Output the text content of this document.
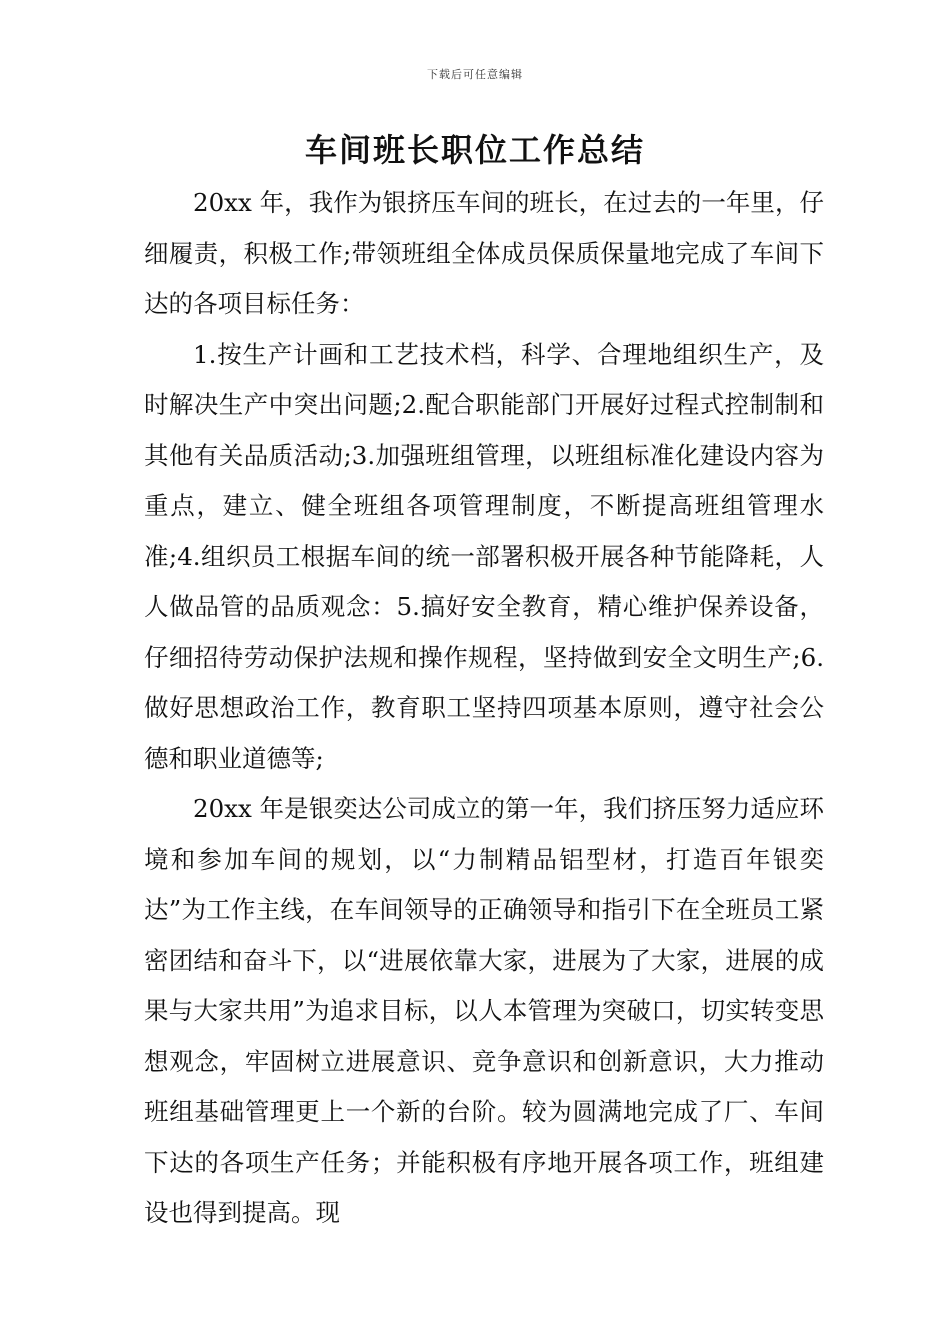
下载后可任意编辑
车间班长职位工作总结

20xx 年，我作为银挤压车间的班长，在过去的一年里，仔细履责，积极工作;带领班组全体成员保质保量地完成了车间下达的各项目标任务：

1.按生产计画和工艺技术档，科学、合理地组织生产，及时解决生产中突出问题;2.配合职能部门开展好过程式控制制和其他有关品质活动;3.加强班组管理，以班组标准化建设内容为重点，建立、健全班组各项管理制度，不断提高班组管理水准;4.组织员工根据车间的统一部署积极开展各种节能降耗，人人做品管的品质观念：5.搞好安全教育，精心维护保养设备，仔细招待劳动保护法规和操作规程，坚持做到安全文明生产;6.做好思想政治工作，教育职工坚持四项基本原则，遵守社会公德和职业道德等;

20xx 年是银奕达公司成立的第一年，我们挤压努力适应环境和参加车间的规划，以“力制精品铝型材，打造百年银奕达”为工作主线，在车间领导的正确领导和指引下在全班员工紧密团结和奋斗下，以“进展依靠大家，进展为了大家，进展的成果与大家共用”为追求目标，以人本管理为突破口，切实转变思想观念，牢固树立进展意识、竞争意识和创新意识，大力推动班组基础管理更上一个新的台阶。较为圆满地完成了厂、车间下达的各项生产任务；并能积极有序地开展各项工作，班组建设也得到提高。现
